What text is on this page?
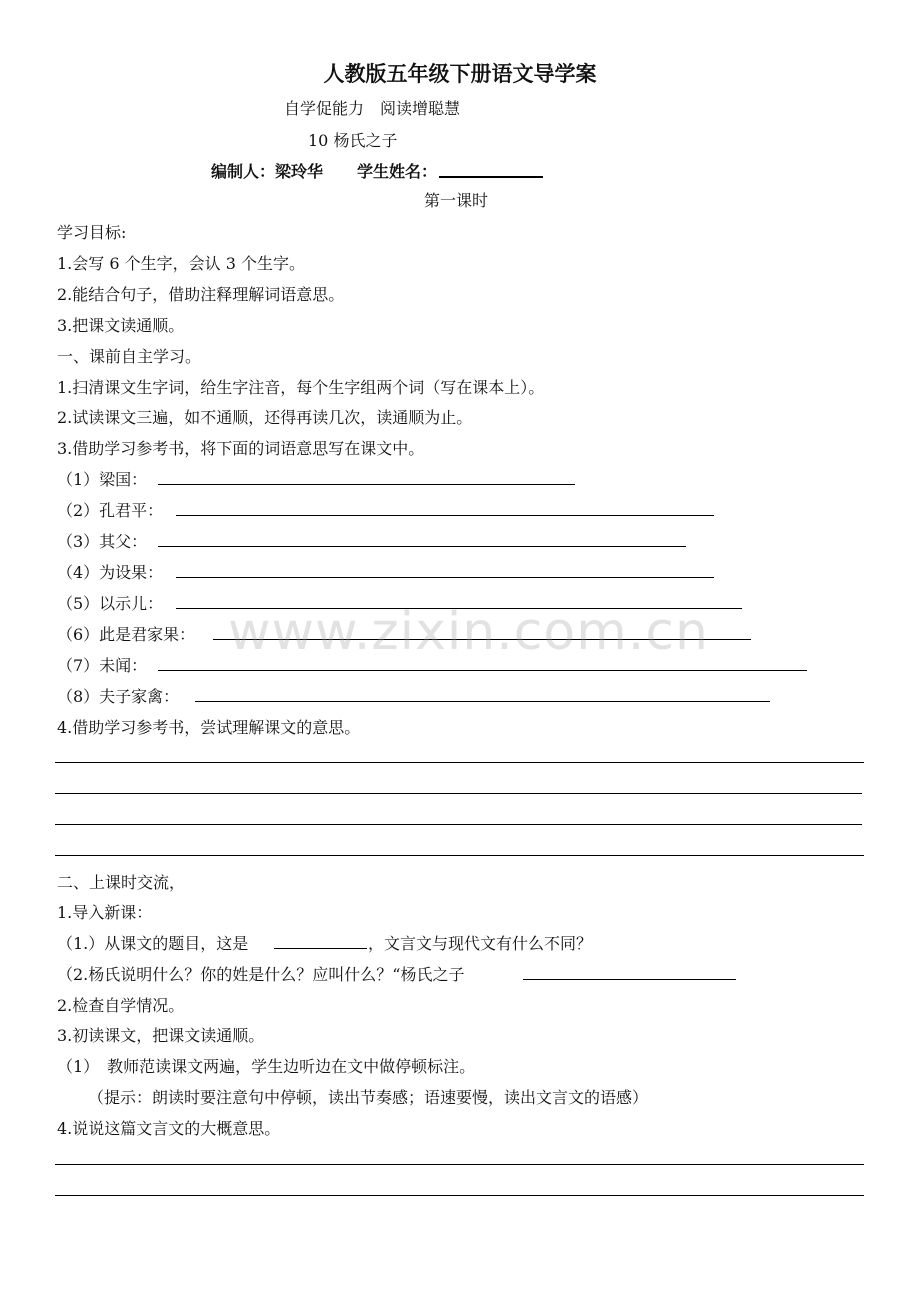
人教版五年级下册语文导学案
自学促能力　阅读增聪慧
10 杨氏之子
编制人：梁玲华 学生姓名：
第一课时
学习目标:
1.会写 6 个生字，会认 3 个生字。
2.能结合句子，借助注释理解词语意思。
3.把课文读通顺。
一、课前自主学习。
1.扫清课文生字词，给生字注音，每个生字组两个词（写在课本上）。
2.试读课文三遍，如不通顺，还得再读几次，读通顺为止。
3.借助学习参考书，将下面的词语意思写在课文中。
（1）梁国：
（2）孔君平：
（3）其父：
（4）为设果：
（5）以示儿：
（6）此是君家果：
（7）未闻：
（8）夫子家禽：
4.借助学习参考书，尝试理解课文的意思。
二、上课时交流，
1.导入新课：
（1.）从课文的题目，这是	，文言文与现代文有什么不同？
（2.杨氏说明什么？你的姓是什么？应叫什么？“杨氏之子
2.检查自学情况。
3.初读课文，把课文读通顺。
（1）　教师范读课文两遍，学生边听边在文中做停顿标注。
（提示：朗读时要注意句中停顿，读出节奏感；语速要慢，读出文言文的语感）
4.说说这篇文言文的大概意思。
www.zixin.com.cn
